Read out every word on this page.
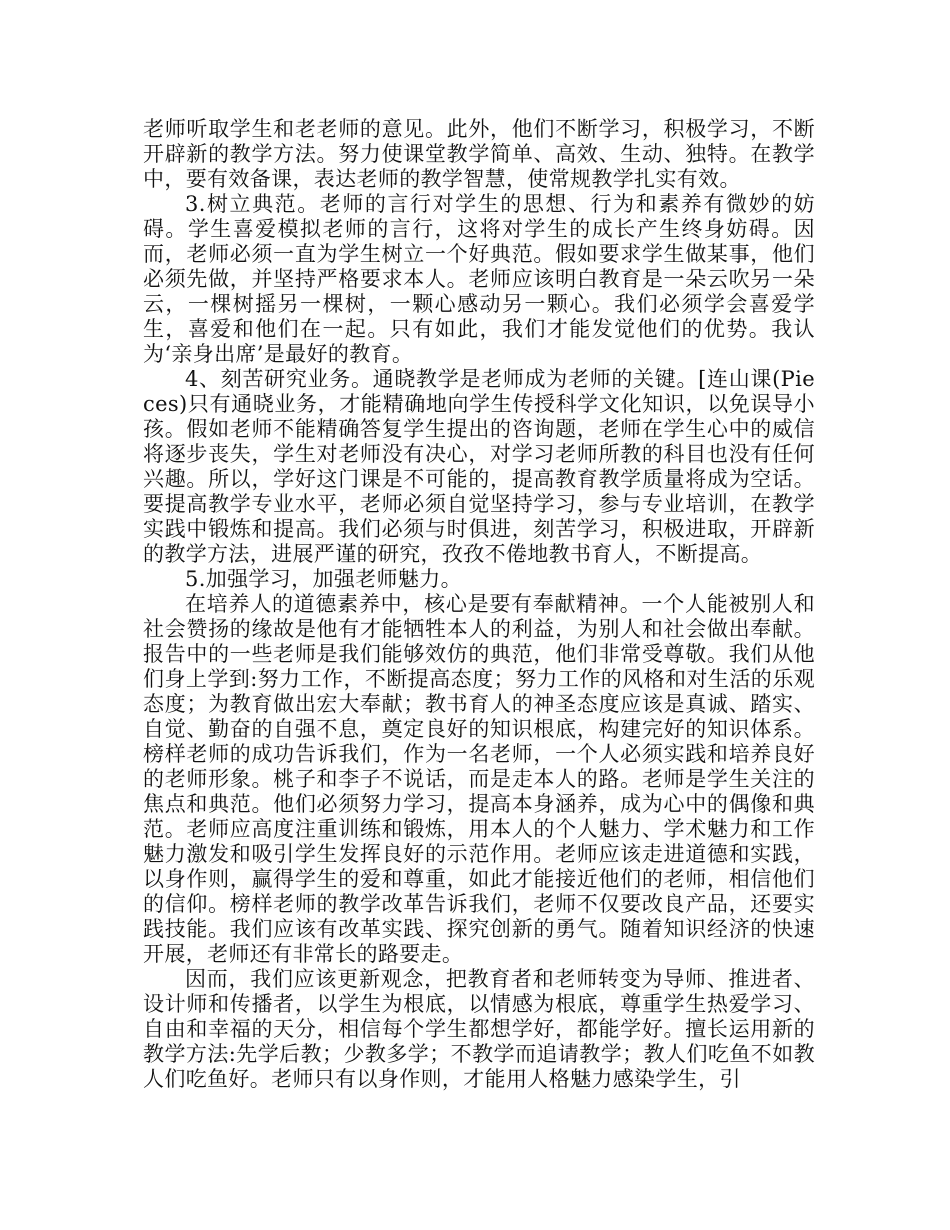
老师听取学生和老老师的意见。此外，他们不断学习，积极学习，不断开辟新的教学方法。努力使课堂教学简单、高效、生动、独特。在教学中，要有效备课，表达老师的教学智慧，使常规教学扎实有效。

3.树立典范。老师的言行对学生的思想、行为和素养有微妙的妨碍。学生喜爱模拟老师的言行，这将对学生的成长产生终身妨碍。因而，老师必须一直为学生树立一个好典范。假如要求学生做某事，他们必须先做，并坚持严格要求本人。老师应该明白教育是一朵云吹另一朵云，一棵树摇另一棵树，一颗心感动另一颗心。我们必须学会喜爱学生，喜爱和他们在一起。只有如此，我们才能发觉他们的优势。我认为‘亲身出席’是最好的教育。

4、刻苦研究业务。通晓教学是老师成为老师的关键。[连山课(Pieces)只有通晓业务，才能精确地向学生传授科学文化知识，以免误导小孩。假如老师不能精确答复学生提出的咨询题，老师在学生心中的威信将逐步丧失，学生对老师没有决心，对学习老师所教的科目也没有任何兴趣。所以，学好这门课是不可能的，提高教育教学质量将成为空话。要提高教学专业水平，老师必须自觉坚持学习，参与专业培训，在教学实践中锻炼和提高。我们必须与时俱进，刻苦学习，积极进取，开辟新的教学方法，进展严谨的研究，孜孜不倦地教书育人，不断提高。

5.加强学习，加强老师魅力。

在培养人的道德素养中，核心是要有奉献精神。一个人能被别人和社会赞扬的缘故是他有才能牺牲本人的利益，为别人和社会做出奉献。报告中的一些老师是我们能够效仿的典范，他们非常受尊敬。我们从他们身上学到:努力工作，不断提高态度；努力工作的风格和对生活的乐观态度；为教育做出宏大奉献；教书育人的神圣态度应该是真诚、踏实、自觉、勤奋的自强不息，奠定良好的知识根底，构建完好的知识体系。榜样老师的成功告诉我们，作为一名老师，一个人必须实践和培养良好的老师形象。桃子和李子不说话，而是走本人的路。老师是学生关注的焦点和典范。他们必须努力学习，提高本身涵养，成为心中的偶像和典范。老师应高度注重训练和锻炼，用本人的个人魅力、学术魅力和工作魅力激发和吸引学生发挥良好的示范作用。老师应该走进道德和实践，以身作则，赢得学生的爱和尊重，如此才能接近他们的老师，相信他们的信仰。榜样老师的教学改革告诉我们，老师不仅要改良产品，还要实践技能。我们应该有改革实践、探究创新的勇气。随着知识经济的快速开展，老师还有非常长的路要走。

因而，我们应该更新观念，把教育者和老师转变为导师、推进者、设计师和传播者，以学生为根底，以情感为根底，尊重学生热爱学习、自由和幸福的天分，相信每个学生都想学好，都能学好。擅长运用新的教学方法:先学后教；少教多学；不教学而追请教学；教人们吃鱼不如教人们吃鱼好。老师只有以身作则，才能用人格魅力感染学生，引
